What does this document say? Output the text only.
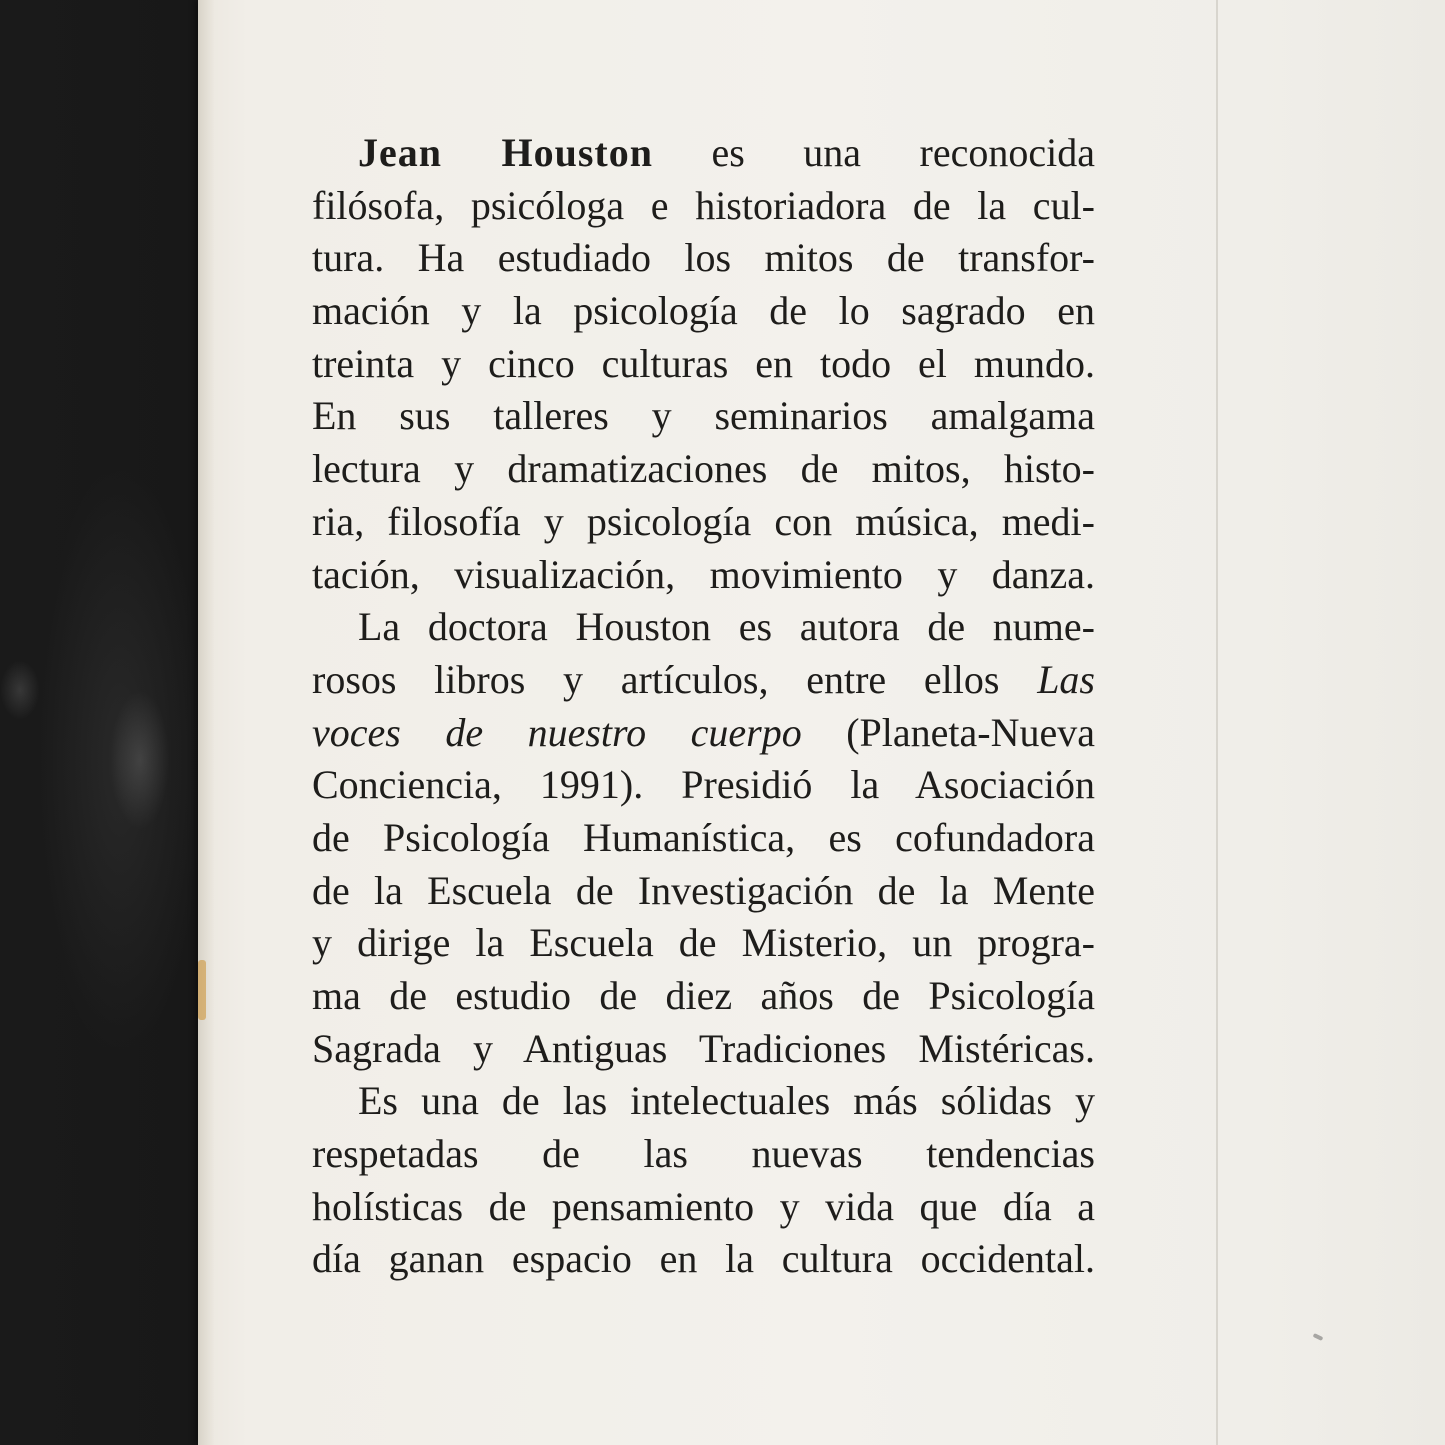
Jean Houston es una reconocida
filósofa, psicóloga e historiadora de la cul-
tura. Ha estudiado los mitos de transfor-
mación y la psicología de lo sagrado en
treinta y cinco culturas en todo el mundo.
En sus talleres y seminarios amalgama
lectura y dramatizaciones de mitos, histo-
ria, filosofía y psicología con música, medi-
tación, visualización, movimiento y danza.
La doctora Houston es autora de nume-
rosos libros y artículos, entre ellos Las
voces de nuestro cuerpo (Planeta-Nueva
Conciencia, 1991). Presidió la Asociación
de Psicología Humanística, es cofundadora
de la Escuela de Investigación de la Mente
y dirige la Escuela de Misterio, un progra-
ma de estudio de diez años de Psicología
Sagrada y Antiguas Tradiciones Mistéricas.
Es una de las intelectuales más sólidas y
respetadas de las nuevas tendencias
holísticas de pensamiento y vida que día a
día ganan espacio en la cultura occidental.
